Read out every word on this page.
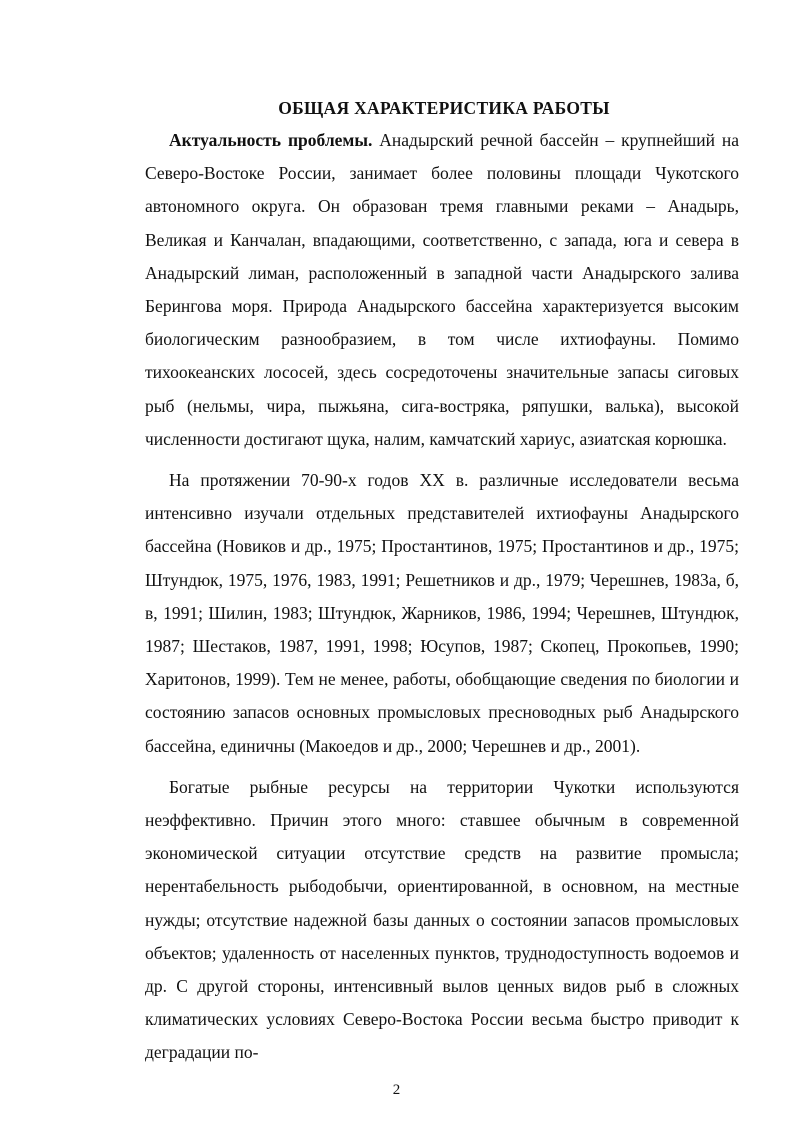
ОБЩАЯ ХАРАКТЕРИСТИКА РАБОТЫ

Актуальность проблемы. Анадырский речной бассейн – крупнейший на Северо-Востоке России, занимает более половины площади Чукотского автономного округа. Он образован тремя главными реками – Анадырь, Великая и Канчалан, впадающими, соответственно, с запада, юга и севера в Анадырский лиман, расположенный в западной части Анадырского залива Берингова моря. Природа Анадырского бассейна характеризуется высоким биологическим разнообразием, в том числе ихтиофауны. Помимо тихоокеанских лососей, здесь сосредоточены значительные запасы сиговых рыб (нельмы, чира, пыжьяна, сига-востряка, ряпушки, валька), высокой численности достигают щука, налим, камчатский хариус, азиатская корюшка.

На протяжении 70-90-х годов XX в. различные исследователи весьма интенсивно изучали отдельных представителей ихтиофауны Анадырского бассейна (Новиков и др., 1975; Простантинов, 1975; Простантинов и др., 1975; Штундюк, 1975, 1976, 1983, 1991; Решетников и др., 1979; Черешнев, 1983а, б, в, 1991; Шилин, 1983; Штундюк, Жарников, 1986, 1994; Черешнев, Штундюк, 1987; Шестаков, 1987, 1991, 1998; Юсупов, 1987; Скопец, Прокопьев, 1990; Харитонов, 1999). Тем не менее, работы, обобщающие сведения по биологии и состоянию запасов основных промысловых пресноводных рыб Анадырского бассейна, единичны (Макоедов и др., 2000; Черешнев и др., 2001).

Богатые рыбные ресурсы на территории Чукотки используются неэффективно. Причин этого много: ставшее обычным в современной экономической ситуации отсутствие средств на развитие промысла; нерентабельность рыбодобычи, ориентированной, в основном, на местные нужды; отсутствие надежной базы данных о состоянии запасов промысловых объектов; удаленность от населенных пунктов, труднодоступность водоемов и др. С другой стороны, интенсивный вылов ценных видов рыб в сложных климатических условиях Северо-Востока России весьма быстро приводит к деградации по-

2
